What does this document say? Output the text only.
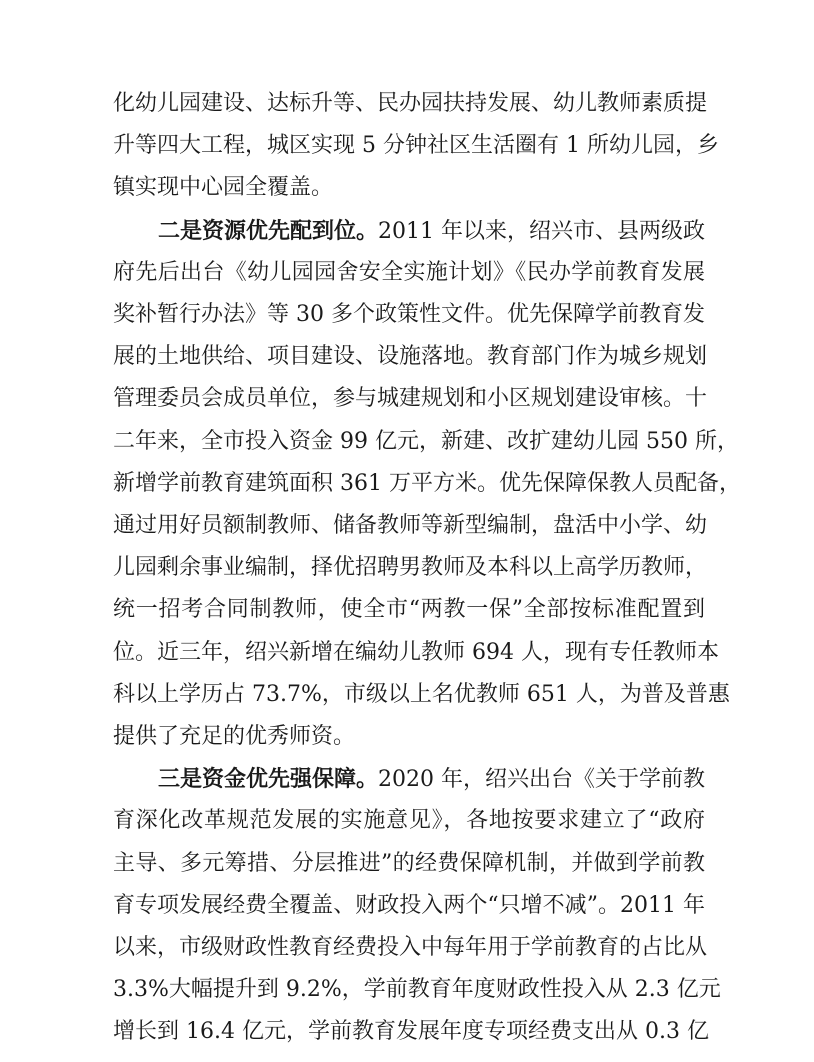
化幼儿园建设、达标升等、民办园扶持发展、幼儿教师素质提
升等四大工程，城区实现 5 分钟社区生活圈有 1 所幼儿园，乡
镇实现中心园全覆盖。
二是资源优先配到位。2011 年以来，绍兴市、县两级政
府先后出台《幼儿园园舍安全实施计划》《民办学前教育发展
奖补暂行办法》等 30 多个政策性文件。优先保障学前教育发
展的土地供给、项目建设、设施落地。教育部门作为城乡规划
管理委员会成员单位，参与城建规划和小区规划建设审核。十
二年来，全市投入资金 99 亿元，新建、改扩建幼儿园 550 所，
新增学前教育建筑面积 361 万平方米。优先保障保教人员配备，
通过用好员额制教师、储备教师等新型编制，盘活中小学、幼
儿园剩余事业编制，择优招聘男教师及本科以上高学历教师，
统一招考合同制教师，使全市“两教一保”全部按标准配置到
位。近三年，绍兴新增在编幼儿教师 694 人，现有专任教师本
科以上学历占 73.7%，市级以上名优教师 651 人，为普及普惠
提供了充足的优秀师资。
三是资金优先强保障。2020 年，绍兴出台《关于学前教
育深化改革规范发展的实施意见》，各地按要求建立了“政府
主导、多元筹措、分层推进”的经费保障机制，并做到学前教
育专项发展经费全覆盖、财政投入两个“只增不减”。2011 年
以来，市级财政性教育经费投入中每年用于学前教育的占比从
3.3%大幅提升到 9.2%，学前教育年度财政性投入从 2.3 亿元
增长到 16.4 亿元，学前教育发展年度专项经费支出从 0.3 亿
